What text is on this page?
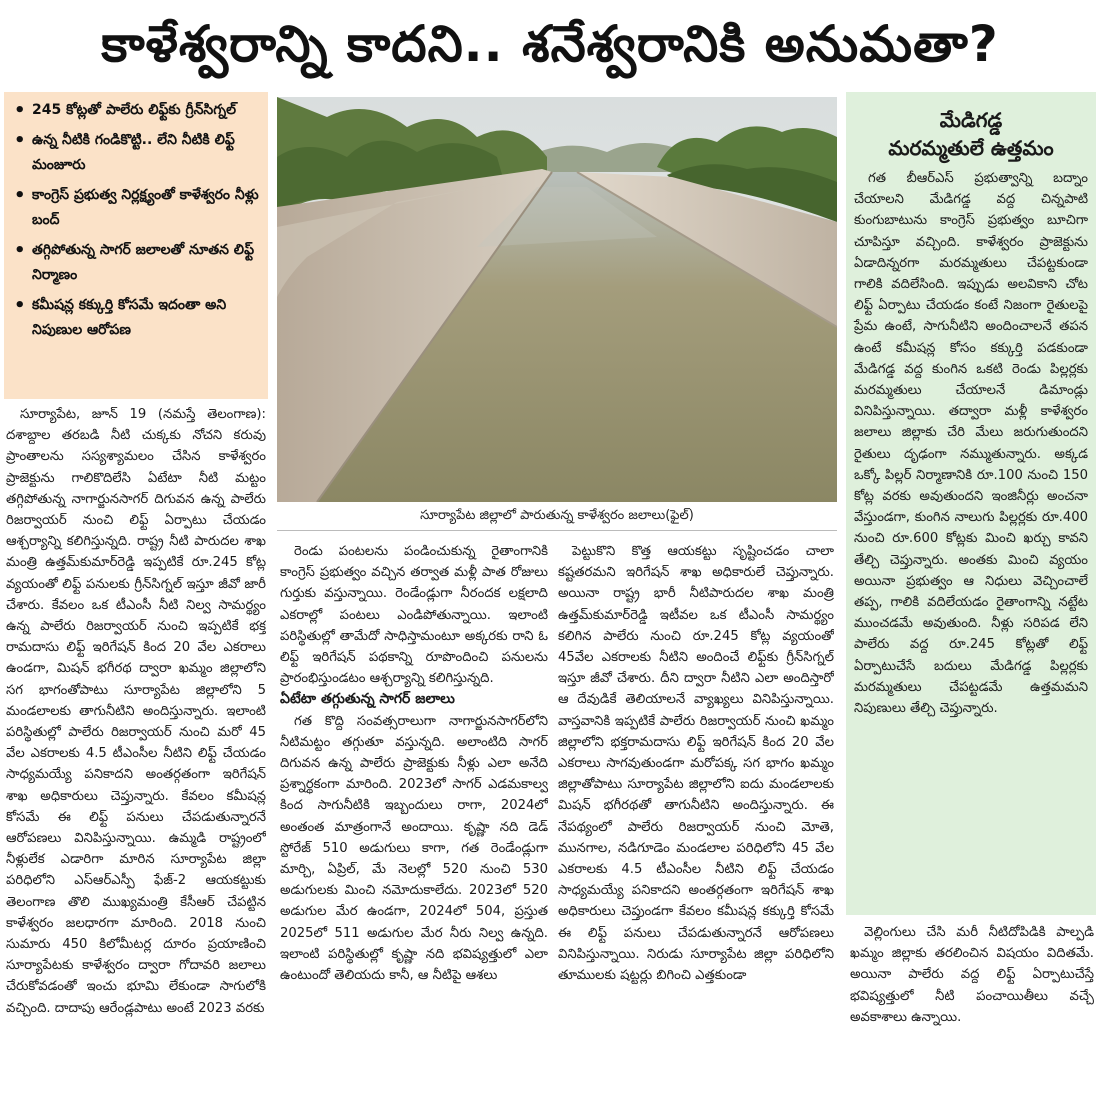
కాళేశ్వరాన్ని కాదని.. శనేశ్వరానికి అనుమతా?
• 245 కోట్లతో పాలేరు లిఫ్ట్‌కు గ్రీన్‌సిగ్నల్
• ఉన్న నీటికి గండికొట్టి.. లేని నీటికి లిఫ్ట్ మంజూరు
• కాంగ్రెస్ ప్రభుత్వ నిర్లక్ష్యంతో కాళేశ్వరం నీళ్లు బంద్
• తగ్గిపోతున్న సాగర్ జలాలతో నూతన లిఫ్ట్ నిర్మాణం
• కమీషన్ల కక్కుర్తి కోసమే ఇదంతా అని నిపుణుల ఆరోపణ
సూర్యాపేట జిల్లాలో పారుతున్న కాళేశ్వరం జలాలు(ఫైల్)

సూర్యాపేట, జూన్ 19 (నమస్తే తెలంగాణ): దశాబ్దాల తరబడి నీటి చుక్కకు నోచని కరువు ప్రాంతాలను సస్యశ్యామలం చేసిన కాళేశ్వరం ప్రాజెక్టును గాలికొదిలేసి ఏటేటా నీటి మట్టం తగ్గిపోతున్న నాగార్జునసాగర్ దిగువన ఉన్న పాలేరు రిజర్వాయర్ నుంచి లిఫ్ట్ ఏర్పాటు చేయడం ఆశ్చర్యాన్ని కలిగిస్తున్నది. రాష్ట్ర నీటి పారుదల శాఖ మంత్రి ఉత్తమ్‌కుమార్‌రెడ్డి ఇప్పటికే రూ.245 కోట్ల వ్యయంతో లిఫ్ట్ పనులకు గ్రీన్‌సిగ్నల్ ఇస్తూ జీవో జారీ చేశారు. కేవలం ఒక టీఎంసీ నీటి నిల్వ సామర్థ్యం ఉన్న పాలేరు రిజర్వాయర్ నుంచి ఇప్పటికే భక్త రామదాసు లిఫ్ట్ ఇరిగేషన్ కింద 20 వేల ఎకరాలు ఉండగా, మిషన్ భగీరథ ద్వారా ఖమ్మం జిల్లాలోని సగ భాగంతోపాటు సూర్యాపేట జిల్లాలోని 5 మండలాలకు తాగునీటిని అందిస్తున్నారు. ఇలాంటి పరిస్థితుల్లో పాలేరు రిజర్వాయర్ నుంచి మరో 45 వేల ఎకరాలకు 4.5 టీఎంసీల నీటిని లిఫ్ట్ చేయడం సాధ్యమయ్యే పనికాదని అంతర్గతంగా ఇరిగేషన్ శాఖ అధికారులు చెప్తున్నారు. కేవలం కమీషన్ల కోసమే ఈ లిఫ్ట్ పనులు చేపడుతున్నారనే ఆరోపణలు వినిపిస్తున్నాయి. ఉమ్మడి రాష్ట్రంలో నీళ్లులేక ఎడారిగా మారిన సూర్యాపేట జిల్లా పరిధిలోని ఎస్‌ఆర్‌ఎస్పీ ఫేజ్-2 ఆయకట్టుకు తెలంగాణ తొలి ముఖ్యమంత్రి కేసీఆర్ చేపట్టిన కాళేశ్వరం జలధారగా మారింది. 2018 నుంచి సుమారు 450 కిలోమీటర్ల దూరం ప్రయాణించి సూర్యాపేటకు కాళేశ్వరం ద్వారా గోదావరి జలాలు చేరుకోవడంతో ఇంచు భూమి లేకుండా సాగులోకి వచ్చింది. దాదాపు ఆరేండ్లపాటు అంటే 2023 వరకు

రెండు పంటలను పండించుకున్న రైతాంగానికి కాంగ్రెస్ ప్రభుత్వం వచ్చిన తర్వాత మళ్లీ పాత రోజులు గుర్తుకు వస్తున్నాయి. రెండేండ్లుగా నీరందక లక్షలాది ఎకరాల్లో పంటలు ఎండిపోతున్నాయి. ఇలాంటి పరిస్థితుల్లో తామేదో సాధిస్తామంటూ అక్కరకు రాని ఓ లిఫ్ట్ ఇరిగేషన్ పథకాన్ని రూపొందించి పనులను ప్రారంభిస్తుండటం ఆశ్చర్యాన్ని కలిగిస్తున్నది.

ఏటేటా తగ్గుతున్న సాగర్ జలాలు

గత కొద్ది సంవత్సరాలుగా నాగార్జునసాగర్‌లోని నీటిమట్టం తగ్గుతూ వస్తున్నది. అలాంటిది సాగర్ దిగువన ఉన్న పాలేరు ప్రాజెక్టుకు నీళ్లు ఎలా అనేది ప్రశ్నార్థకంగా మారింది. 2023లో సాగర్ ఎడమకాల్వ కింద సాగునీటికి ఇబ్బందులు రాగా, 2024లో అంతంత మాత్రంగానే అందాయి. కృష్ణా నది డెడ్ స్టోరేజ్ 510 అడుగులు కాగా, గత రెండేండ్లుగా మార్చి, ఏప్రిల్, మే నెలల్లో 520 నుంచి 530 అడుగులకు మించి నమోదుకాలేదు. 2023లో 520 అడుగుల మేర ఉండగా, 2024లో 504, ప్రస్తుత 2025లో 511 అడుగుల మేర నీరు నిల్వ ఉన్నది. ఇలాంటి పరిస్థితుల్లో కృష్ణా నది భవిష్యత్తులో ఎలా ఉంటుందో తెలియదు కానీ, ఆ నీటిపై ఆశలు

పెట్టుకొని కొత్త ఆయకట్టు సృష్టించడం చాలా కష్టతరమని ఇరిగేషన్ శాఖ అధికారులే చెప్తున్నారు. అయినా రాష్ట్ర భారీ నీటిపారుదల శాఖ మంత్రి ఉత్తమ్‌కుమార్‌రెడ్డి ఇటీవల ఒక టీఎంసీ సామర్థ్యం కలిగిన పాలేరు నుంచి రూ.245 కోట్ల వ్యయంతో 45వేల ఎకరాలకు నీటిని అందించే లిఫ్ట్‌కు గ్రీన్‌సిగ్నల్ ఇస్తూ జీవో చేశారు. దీని ద్వారా నీటిని ఎలా అందిస్తారో ఆ దేవుడికే తెలియాలనే వ్యాఖ్యలు వినిపిస్తున్నాయి. వాస్తవానికి ఇప్పటికే పాలేరు రిజర్వాయర్ నుంచి ఖమ్మం జిల్లాలోని భక్తరామదాసు లిఫ్ట్ ఇరిగేషన్ కింద 20 వేల ఎకరాలు సాగవుతుండగా మరోపక్క సగ భాగం ఖమ్మం జిల్లాతోపాటు సూర్యాపేట జిల్లాలోని ఐదు మండలాలకు మిషన్ భగీరథతో తాగునీటిని అందిస్తున్నారు. ఈ నేపథ్యంలో పాలేరు రిజర్వాయర్ నుంచి మోతె, మునగాల, నడిగూడెం మండలాల పరిధిలోని 45 వేల ఎకరాలకు 4.5 టీఎంసీల నీటిని లిఫ్ట్ చేయడం సాధ్యమయ్యే పనికాదని అంతర్గతంగా ఇరిగేషన్ శాఖ అధికారులు చెప్తుండగా కేవలం కమీషన్ల కక్కుర్తి కోసమే ఈ లిఫ్ట్ పనులు చేపడుతున్నారనే ఆరోపణలు వినిపిస్తున్నాయి. నిరుడు సూర్యాపేట జిల్లా పరిధిలోని తూములకు షట్టర్లు బిగించి ఎత్తకుండా

మేడిగడ్డ
మరమ్మతులే ఉత్తమం
గత బీఆర్‌ఎస్ ప్రభుత్వాన్ని బద్నాం చేయాలని మేడిగడ్డ వద్ద చిన్నపాటి కుంగుబాటును కాంగ్రెస్ ప్రభుత్వం బూచిగా చూపిస్తూ వచ్చింది. కాళేశ్వరం ప్రాజెక్టును ఏడాదిన్నరగా మరమ్మతులు చేపట్టకుండా గాలికి వదిలేసింది. ఇప్పుడు అలవికాని చోట లిఫ్ట్ ఏర్పాటు చేయడం కంటే నిజంగా రైతులపై ప్రేమ ఉంటే, సాగునీటిని అందించాలనే తపన ఉంటే కమీషన్ల కోసం కక్కుర్తి పడకుండా మేడిగడ్డ వద్ద కుంగిన ఒకటి రెండు పిల్లర్లకు మరమ్మతులు చేయాలనే డిమాండ్లు వినిపిస్తున్నాయి. తద్వారా మళ్లీ కాళేశ్వరం జలాలు జిల్లాకు చేరి మేలు జరుగుతుందని రైతులు దృఢంగా నమ్ముతున్నారు. అక్కడ ఒక్కో పిల్లర్ నిర్మాణానికి రూ.100 నుంచి 150 కోట్ల వరకు అవుతుందని ఇంజినీర్లు అంచనా వేస్తుండగా, కుంగిన నాలుగు పిల్లర్లకు రూ.400 నుంచి రూ.600 కోట్లకు మించి ఖర్చు కావని తేల్చి చెప్తున్నారు. అంతకు మించి వ్యయం అయినా ప్రభుత్వం ఆ నిధులు వెచ్చించాలే తప్ప, గాలికి వదిలేయడం రైతాంగాన్ని నట్టేట ముంచడమే అవుతుంది. నీళ్లు సరిపడ లేని పాలేరు వద్ద రూ.245 కోట్లతో లిఫ్ట్ ఏర్పాటుచేసే బదులు మేడిగడ్డ పిల్లర్లకు మరమ్మతులు చేపట్టడమే ఉత్తమమని నిపుణులు తేల్చి చెప్తున్నారు.

వెల్లింగులు చేసి మరీ నీటిదోపిడికి పాల్పడి ఖమ్మం జిల్లాకు తరలించిన విషయం విదితమే. అయినా పాలేరు వద్ద లిఫ్ట్ ఏర్పాటుచేస్తే భవిష్యత్తులో నీటి పంచాయితీలు వచ్చే అవకాశాలు ఉన్నాయి.
